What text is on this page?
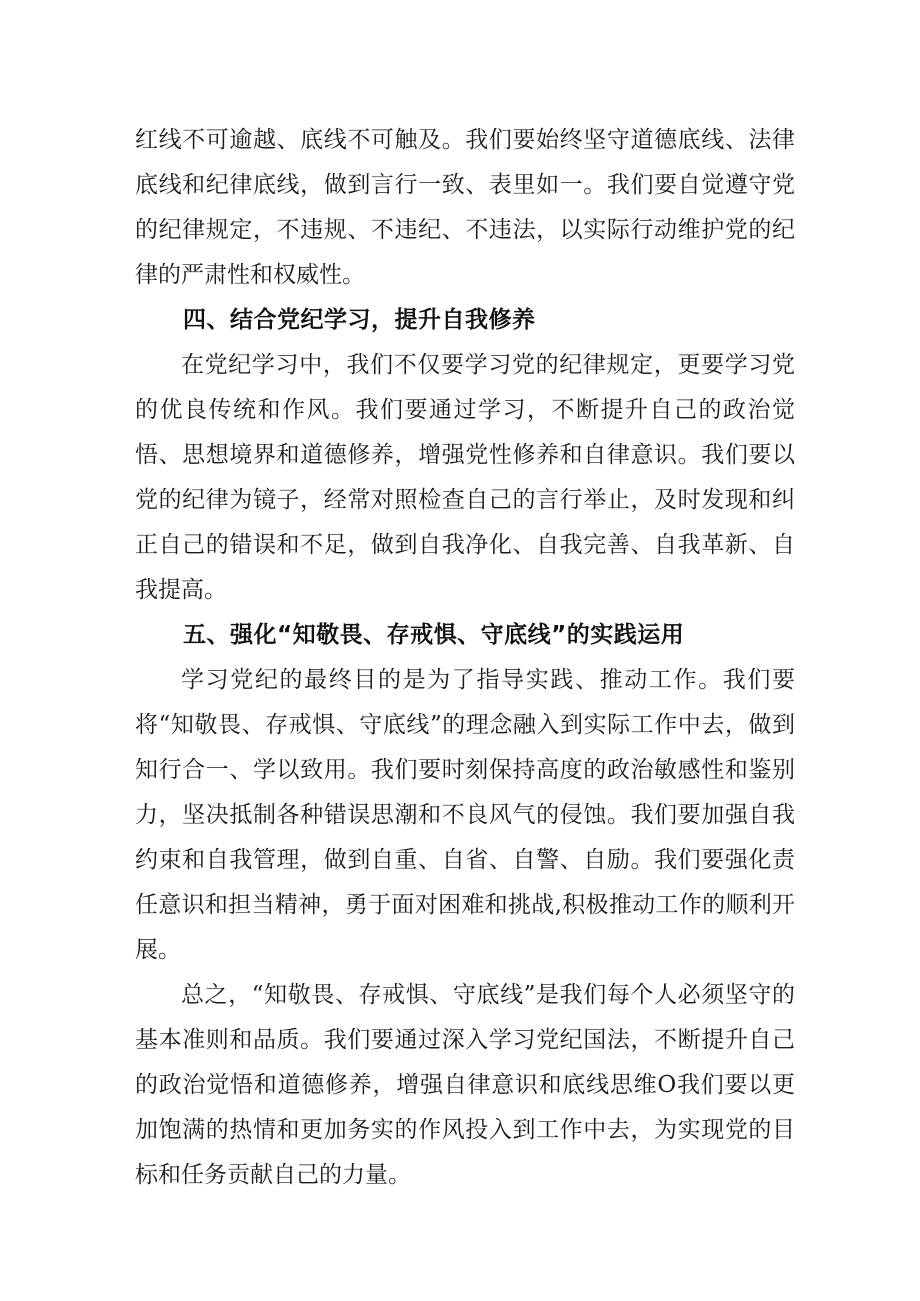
红线不可逾越、底线不可触及。我们要始终坚守道德底线、法律底线和纪律底线，做到言行一致、表里如一。我们要自觉遵守党的纪律规定，不违规、不违纪、不违法，以实际行动维护党的纪律的严肃性和权威性。

四、结合党纪学习，提升自我修养

在党纪学习中，我们不仅要学习党的纪律规定，更要学习党的优良传统和作风。我们要通过学习，不断提升自己的政治觉悟、思想境界和道德修养，增强党性修养和自律意识。我们要以党的纪律为镜子，经常对照检查自己的言行举止，及时发现和纠正自己的错误和不足，做到自我净化、自我完善、自我革新、自我提高。

五、强化“知敬畏、存戒惧、守底线”的实践运用

学习党纪的最终目的是为了指导实践、推动工作。我们要将“知敬畏、存戒惧、守底线”的理念融入到实际工作中去，做到知行合一、学以致用。我们要时刻保持高度的政治敏感性和鉴别力，坚决抵制各种错误思潮和不良风气的侵蚀。我们要加强自我约束和自我管理，做到自重、自省、自警、自励。我们要强化责任意识和担当精神，勇于面对困难和挑战,积极推动工作的顺利开展。

总之，“知敬畏、存戒惧、守底线”是我们每个人必须坚守的基本准则和品质。我们要通过深入学习党纪国法，不断提升自己的政治觉悟和道德修养，增强自律意识和底线思维O我们要以更加饱满的热情和更加务实的作风投入到工作中去，为实现党的目标和任务贡献自己的力量。
